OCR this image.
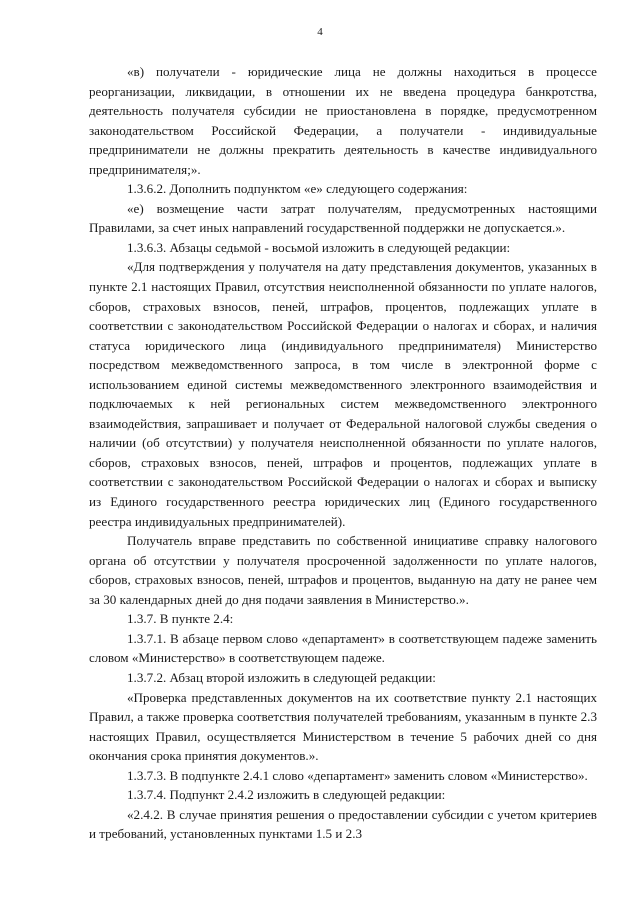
4

«в) получатели - юридические лица не должны находиться в процессе реорганизации, ликвидации, в отношении их не введена процедура банкротства, деятельность получателя субсидии не приостановлена в порядке, предусмотренном законодательством Российской Федерации, а получатели - индивидуальные предприниматели не должны прекратить деятельность в качестве индивидуального предпринимателя;».

1.3.6.2. Дополнить подпунктом «е» следующего содержания:

«е) возмещение части затрат получателям, предусмотренных настоящими Правилами, за счет иных направлений государственной поддержки не допускается.».

1.3.6.3. Абзацы седьмой - восьмой изложить в следующей редакции:

«Для подтверждения у получателя на дату представления документов, указанных в пункте 2.1 настоящих Правил, отсутствия неисполненной обязанности по уплате налогов, сборов, страховых взносов, пеней, штрафов, процентов, подлежащих уплате в соответствии с законодательством Российской Федерации о налогах и сборах, и наличия статуса юридического лица (индивидуального предпринимателя) Министерство посредством межведомственного запроса, в том числе в электронной форме с использованием единой системы межведомственного электронного взаимодействия и подключаемых к ней региональных систем межведомственного электронного взаимодействия, запрашивает и получает от Федеральной налоговой службы сведения о наличии (об отсутствии) у получателя неисполненной обязанности по уплате налогов, сборов, страховых взносов, пеней, штрафов и процентов, подлежащих уплате в соответствии с законодательством Российской Федерации о налогах и сборах и выписку из Единого государственного реестра юридических лиц (Единого государственного реестра индивидуальных предпринимателей).

Получатель вправе представить по собственной инициативе справку налогового органа об отсутствии у получателя просроченной задолженности по уплате налогов, сборов, страховых взносов, пеней, штрафов и процентов, выданную на дату не ранее чем за 30 календарных дней до дня подачи заявления в Министерство.».

1.3.7. В пункте 2.4:

1.3.7.1. В абзаце первом слово «департамент» в соответствующем падеже заменить словом «Министерство» в соответствующем падеже.

1.3.7.2. Абзац второй изложить в следующей редакции:

«Проверка представленных документов на их соответствие пункту 2.1 настоящих Правил, а также проверка соответствия получателей требованиям, указанным в пункте 2.3 настоящих Правил, осуществляется Министерством в течение 5 рабочих дней со дня окончания срока принятия документов.».

1.3.7.3. В подпункте 2.4.1 слово «департамент» заменить словом «Министерство».

1.3.7.4. Подпункт 2.4.2 изложить в следующей редакции:

«2.4.2. В случае принятия решения о предоставлении субсидии с учетом критериев и требований, установленных пунктами 1.5 и 2.3
